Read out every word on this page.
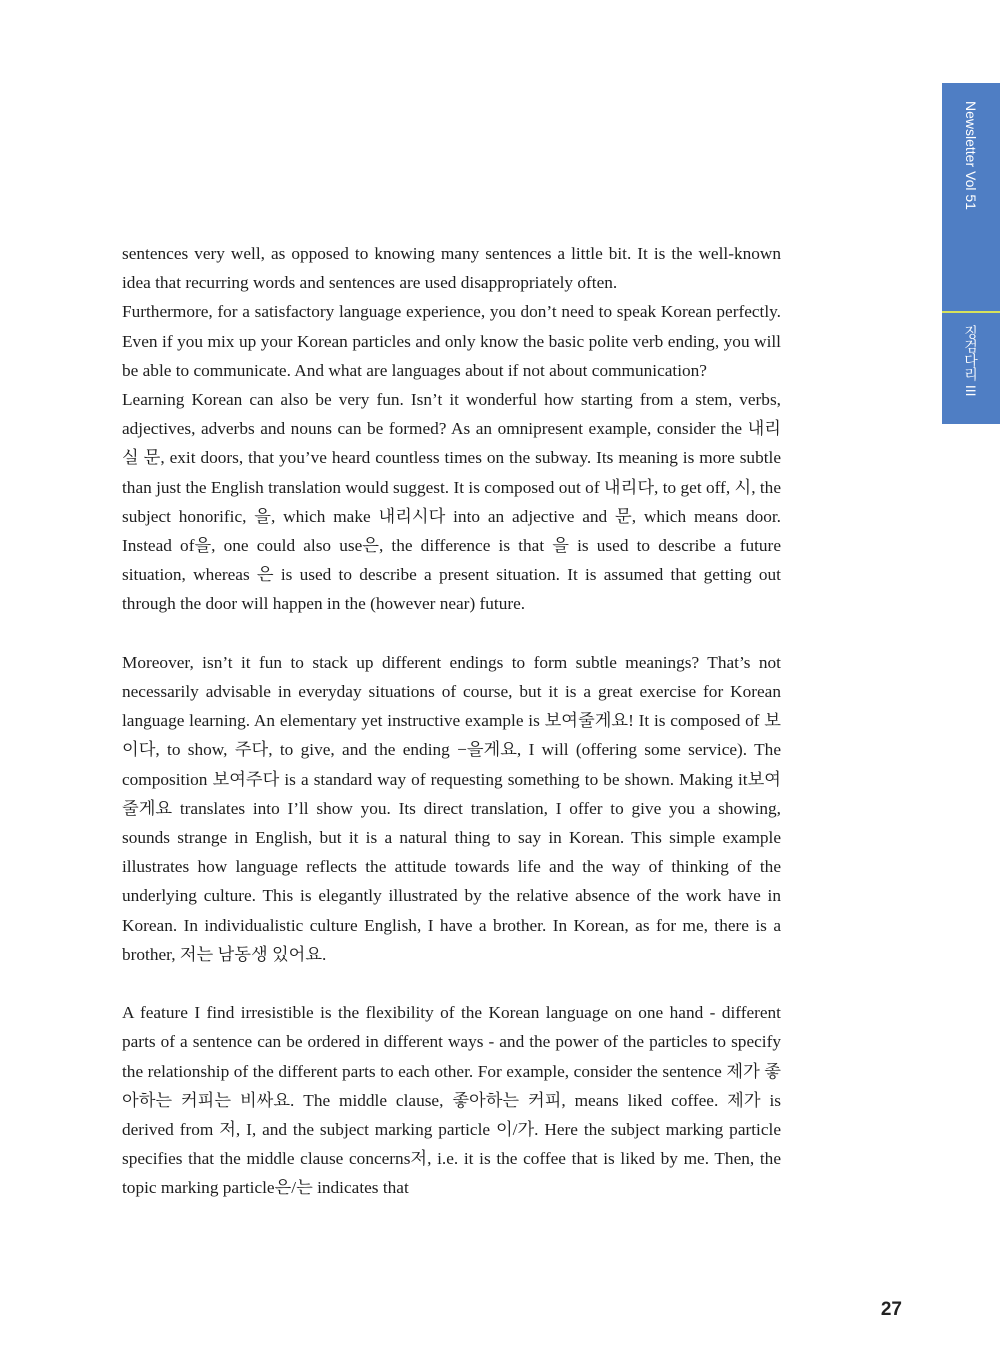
Newsletter Vol 51
징검다리 III

sentences very well, as opposed to knowing many sentences a little bit. It is the well-known idea that recurring words and sentences are used disappropriately often.

Furthermore, for a satisfactory language experience, you don’t need to speak Korean perfectly. Even if you mix up your Korean particles and only know the basic polite verb ending, you will be able to communicate. And what are languages about if not about communication?

Learning Korean can also be very fun. Isn’t it wonderful how starting from a stem, verbs, adjectives, adverbs and nouns can be formed? As an omnipresent example, consider the 내리실 문, exit doors, that you’ve heard countless times on the subway. Its meaning is more subtle than just the English translation would suggest. It is composed out of 내리다, to get off, 시, the subject honorific, 을, which make 내리시다 into an adjective and 문, which means door. Instead of을, one could also use은, the difference is that 을 is used to describe a future situation, whereas 은 is used to describe a present situation. It is assumed that getting out through the door will happen in the (however near) future.

Moreover, isn’t it fun to stack up different endings to form subtle meanings? That’s not necessarily advisable in everyday situations of course, but it is a great exercise for Korean language learning. An elementary yet instructive example is 보여줄게요! It is composed of 보이다, to show, 주다, to give, and the ending −을게요, I will (offering some service). The composition 보여주다 is a standard way of requesting something to be shown. Making it보여줄게요 translates into I’ll show you. Its direct translation, I offer to give you a showing, sounds strange in English, but it is a natural thing to say in Korean. This simple example illustrates how language reflects the attitude towards life and the way of thinking of the underlying culture. This is elegantly illustrated by the relative absence of the work have in Korean. In individualistic culture English, I have a brother. In Korean, as for me, there is a brother, 저는 남동생 있어요.

A feature I find irresistible is the flexibility of the Korean language on one hand - different parts of a sentence can be ordered in different ways - and the power of the particles to specify the relationship of the different parts to each other. For example, consider the sentence 제가 좋아하는 커피는 비싸요. The middle clause, 좋아하는 커피, means liked coffee. 제가 is derived from 저, I, and the subject marking particle 이/가. Here the subject marking particle specifies that the middle clause concerns저, i.e. it is the coffee that is liked by me. Then, the topic marking particle은/는 indicates that

27
